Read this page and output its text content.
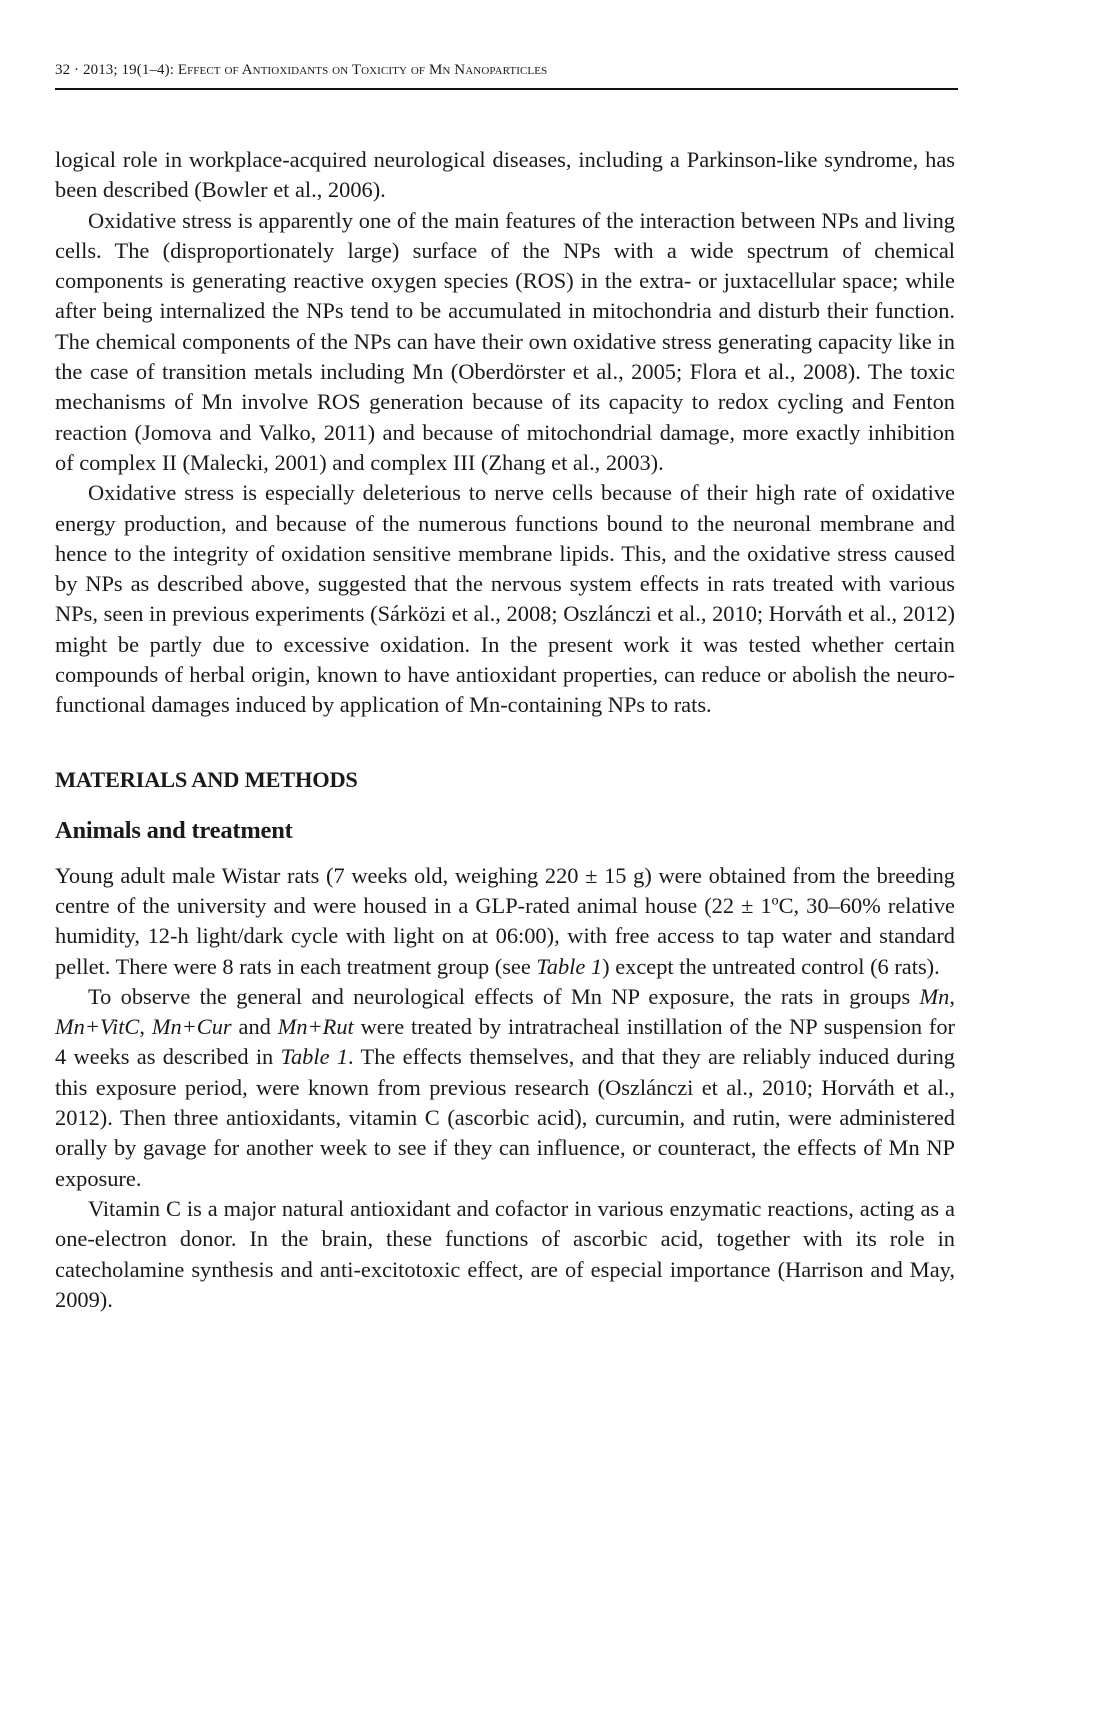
32 · 2013; 19(1–4): Effect of Antioxidants on Toxicity of Mn Nanoparticles

logical role in workplace-acquired neurological diseases, including a Parkinson-like syndrome, has been described (Bowler et al., 2006).

Oxidative stress is apparently one of the main features of the interaction between NPs and living cells. The (disproportionately large) surface of the NPs with a wide spectrum of chemical components is generating reactive oxygen species (ROS) in the extra- or juxtacellular space; while after being internalized the NPs tend to be accumulated in mitochondria and disturb their function. The chemical components of the NPs can have their own oxidative stress generating capacity like in the case of transition metals including Mn (Oberdörster et al., 2005; Flora et al., 2008). The toxic mechanisms of Mn involve ROS generation because of its capacity to redox cycling and Fenton reaction (Jomova and Valko, 2011) and because of mitochondrial damage, more exactly inhibition of complex II (Malecki, 2001) and complex III (Zhang et al., 2003).

Oxidative stress is especially deleterious to nerve cells because of their high rate of oxidative energy production, and because of the numerous functions bound to the neuronal membrane and hence to the integrity of oxidation sensitive membrane lipids. This, and the oxidative stress caused by NPs as described above, suggested that the nervous system effects in rats treated with various NPs, seen in previous experiments (Sárközi et al., 2008; Oszlánczi et al., 2010; Horváth et al., 2012) might be partly due to excessive oxidation. In the present work it was tested whether certain compounds of herbal origin, known to have antioxidant properties, can reduce or abolish the neuro-functional damages induced by application of Mn-containing NPs to rats.

MATERIALS AND METHODS
Animals and treatment

Young adult male Wistar rats (7 weeks old, weighing 220 ± 15 g) were obtained from the breeding centre of the university and were housed in a GLP-rated animal house (22 ± 1ºC, 30–60% relative humidity, 12-h light/dark cycle with light on at 06:00), with free access to tap water and standard pellet. There were 8 rats in each treatment group (see Table 1) except the untreated control (6 rats).

To observe the general and neurological effects of Mn NP exposure, the rats in groups Mn, Mn+VitC, Mn+Cur and Mn+Rut were treated by intratracheal instillation of the NP suspension for 4 weeks as described in Table 1. The effects themselves, and that they are reliably induced during this exposure period, were known from previous research (Oszlánczi et al., 2010; Horváth et al., 2012). Then three antioxidants, vitamin C (ascorbic acid), curcumin, and rutin, were administered orally by gavage for another week to see if they can influence, or counteract, the effects of Mn NP exposure.

Vitamin C is a major natural antioxidant and cofactor in various enzymatic reactions, acting as a one-electron donor. In the brain, these functions of ascorbic acid, together with its role in catecholamine synthesis and anti-excitotoxic effect, are of especial importance (Harrison and May, 2009).
